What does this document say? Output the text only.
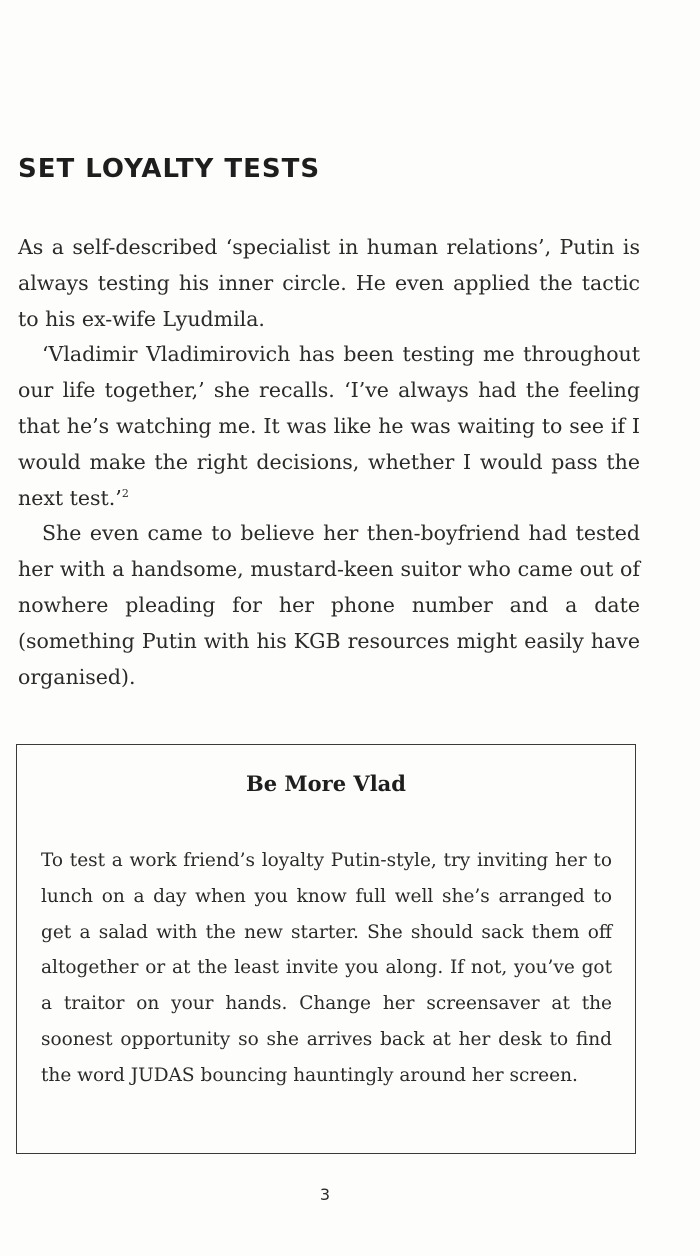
SET LOYALTY TESTS

As a self-described ‘specialist in human relations’, Putin is always testing his inner circle. He even applied the tactic to his ex-wife Lyudmila.

‘Vladimir Vladimirovich has been testing me throughout our life together,’ she recalls. ‘I’ve always had the feeling that he’s watching me. It was like he was waiting to see if I would make the right decisions, whether I would pass the next test.’$^2$

She even came to believe her then-boyfriend had tested her with a handsome, mustard-keen suitor who came out of nowhere pleading for her phone number and a date (something Putin with his KGB resources might easily have organised).

Be More Vlad

To test a work friend’s loyalty Putin-style, try inviting her to lunch on a day when you know full well she’s arranged to get a salad with the new starter. She should sack them off altogether or at the least invite you along. If not, you’ve got a traitor on your hands. Change her screensaver at the soonest opportunity so she arrives back at her desk to find the word JUDAS bouncing hauntingly around her screen.

3
